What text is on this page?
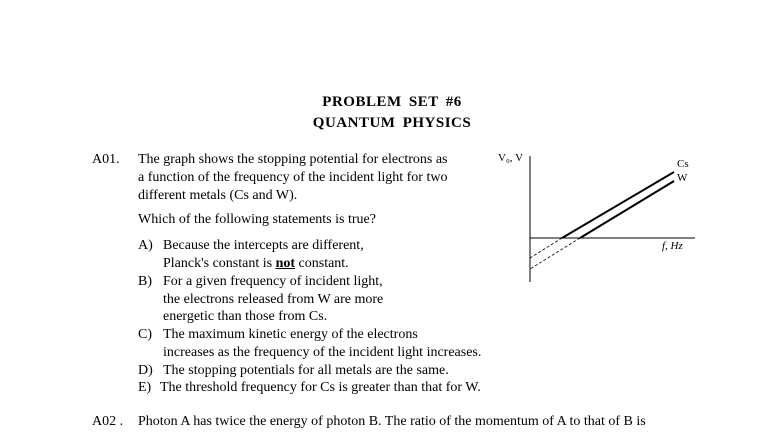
PROBLEM SET #6
QUANTUM PHYSICS
A01. The graph shows the stopping potential for electrons as
a function of the frequency of the incident light for two
different metals (Cs and W).
Which of the following statements is true?
A) Because the intercepts are different,
Planck's constant is not constant.
B) For a given frequency of incident light,
the electrons released from W are more
energetic than those from Cs.
C) The maximum kinetic energy of the electrons
increases as the frequency of the incident light increases.
D) The stopping potentials for all metals are the same.
E) The threshold frequency for Cs is greater than that for W.
V₀, V
f, Hz
Cs
W
A02 . Photon A has twice the energy of photon B. The ratio of the momentum of A to that of B is
